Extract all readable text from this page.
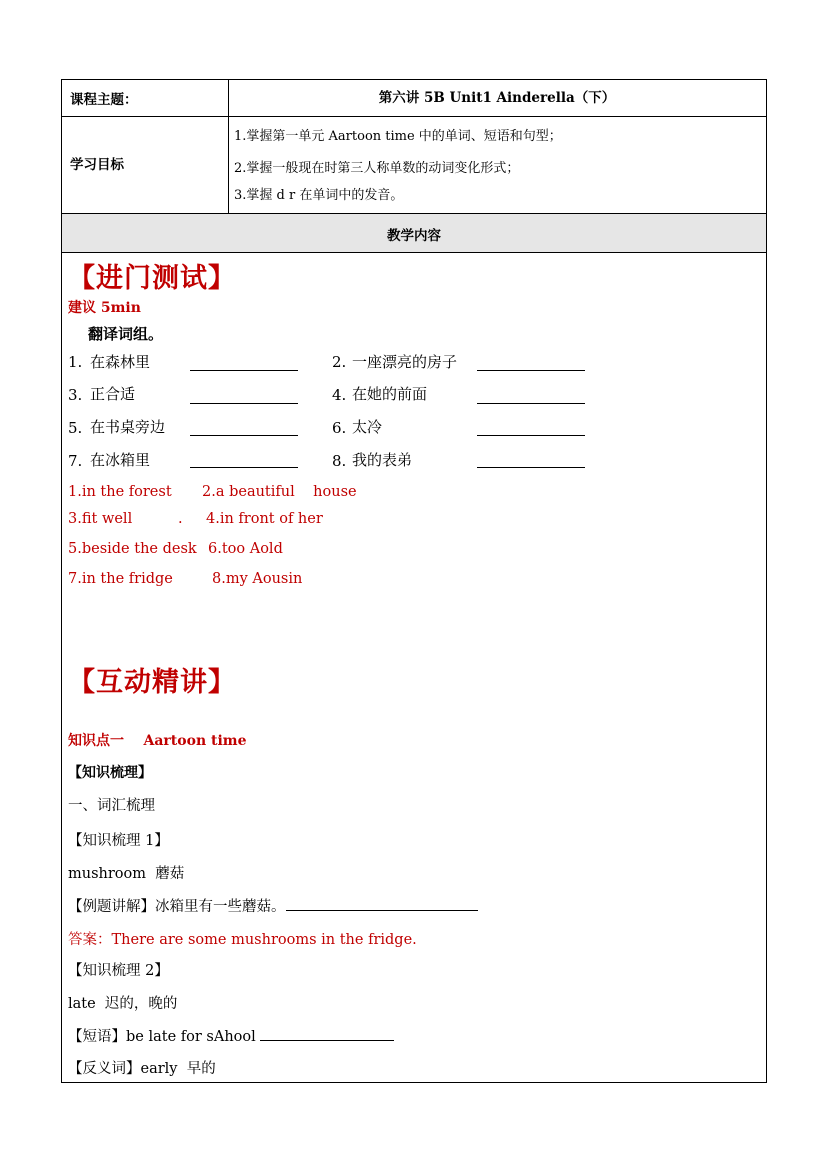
课程主题：	第六讲 5B Unit1 Ainderella（下）
学习目标
1.掌握第一单元 Aartoon time 中的单词、短语和句型；
2.掌握一般现在时第三人称单数的动词变化形式；
3.掌握 d r 在单词中的发音。
教学内容
【进门测试】
建议 5min
翻译词组。
1. 在森林里	2. 一座漂亮的房子
3. 正合适	4. 在她的前面
5. 在书桌旁边	6. 太冷
7. 在冰箱里	8. 我的表弟
1.in the forest 2.a beautiful    house
3.fit well	. 4.in front of her
5.beside the desk 6.too Aold
7.in the fridge	8.my Aousin
【互动精讲】
知识点一    Aartoon time
【知识梳理】
一、词汇梳理
【知识梳理 1】
mushroom  蘑菇
【例题讲解】冰箱里有一些蘑菇。
答案：There are some mushrooms in the fridge.
【知识梳理 2】
late  迟的，晚的
【短语】be late for sAhool
【反义词】early  早的
